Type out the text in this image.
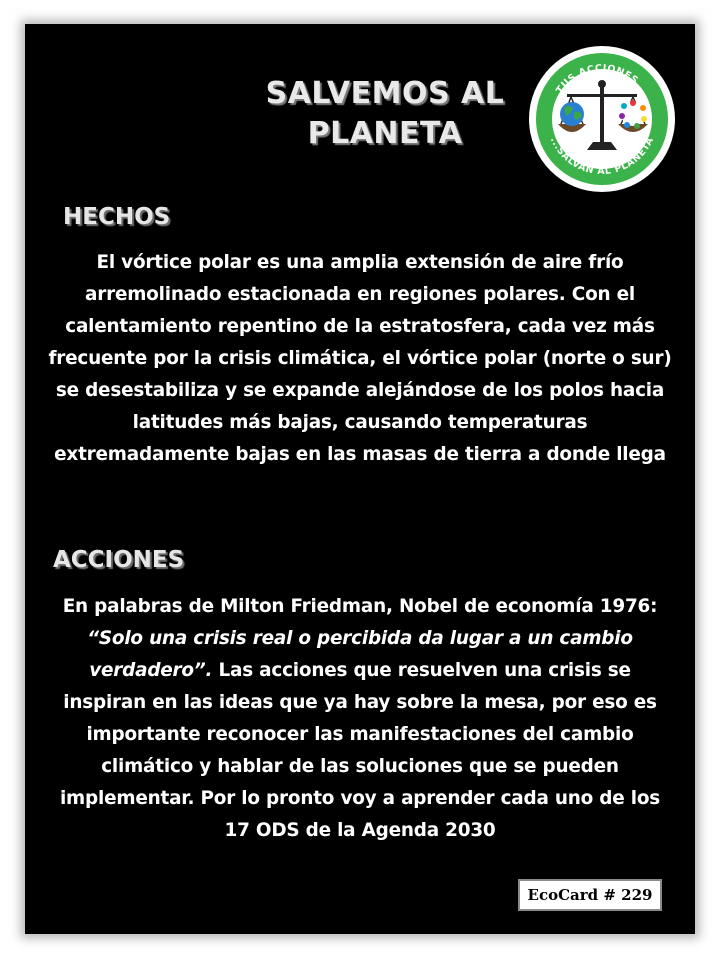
SALVEMOS AL
PLANETA
TUS ACCIONES...
...SALVAN AL PLANETA
HECHOS
El vórtice polar es una amplia extensión de aire frío arremolinado estacionada en regiones polares. Con el calentamiento repentino de la estratosfera, cada vez más frecuente por la crisis climática, el vórtice polar (norte o sur) se desestabiliza y se expande alejándose de los polos hacia latitudes más bajas, causando temperaturas extremadamente bajas en las masas de tierra a donde llega
ACCIONES
En palabras de Milton Friedman, Nobel de economía 1976: “Solo una crisis real o percibida da lugar a un cambio verdadero”. Las acciones que resuelven una crisis se inspiran en las ideas que ya hay sobre la mesa, por eso es importante reconocer las manifestaciones del cambio climático y hablar de las soluciones que se pueden implementar. Por lo pronto voy a aprender cada uno de los 17 ODS de la Agenda 2030
EcoCard # 229
